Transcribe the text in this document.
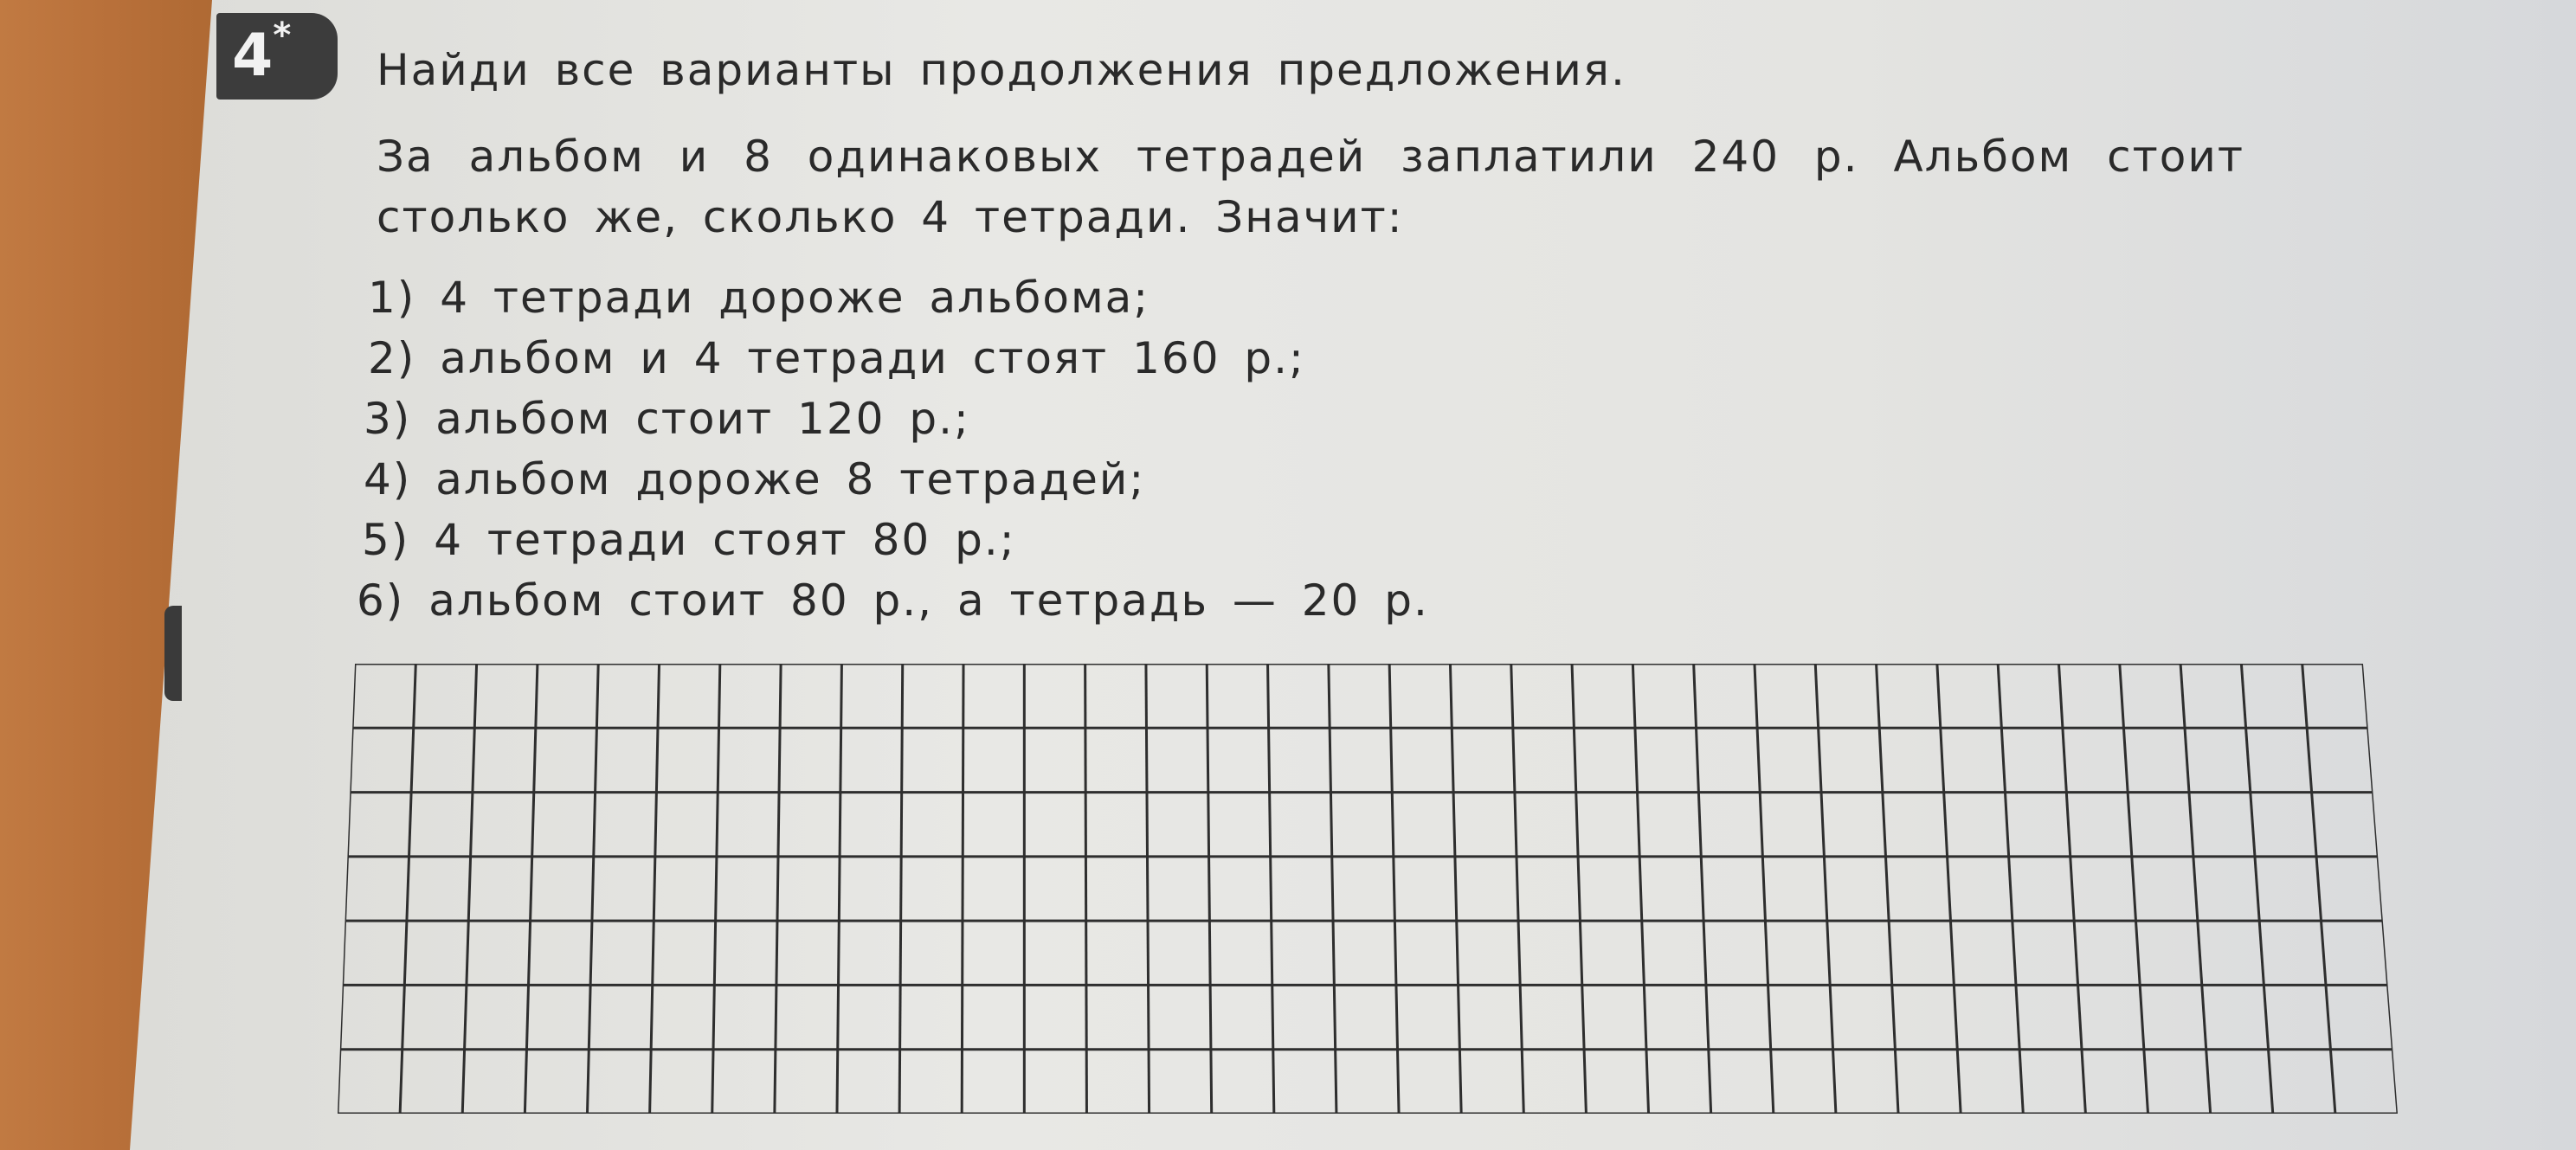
4*
Найди все варианты продолжения предложения.
За альбом и 8 одинаковых тетрадей заплатили 240 р. Альбом стоит
столько же, сколько 4 тетради. Значит:
1) 4 тетради дороже альбома;
2) альбом и 4 тетради стоят 160 р.;
3) альбом стоит 120 р.;
4) альбом дороже 8 тетрадей;
5) 4 тетради стоят 80 р.;
6) альбом стоит 80 р., а тетрадь — 20 р.
